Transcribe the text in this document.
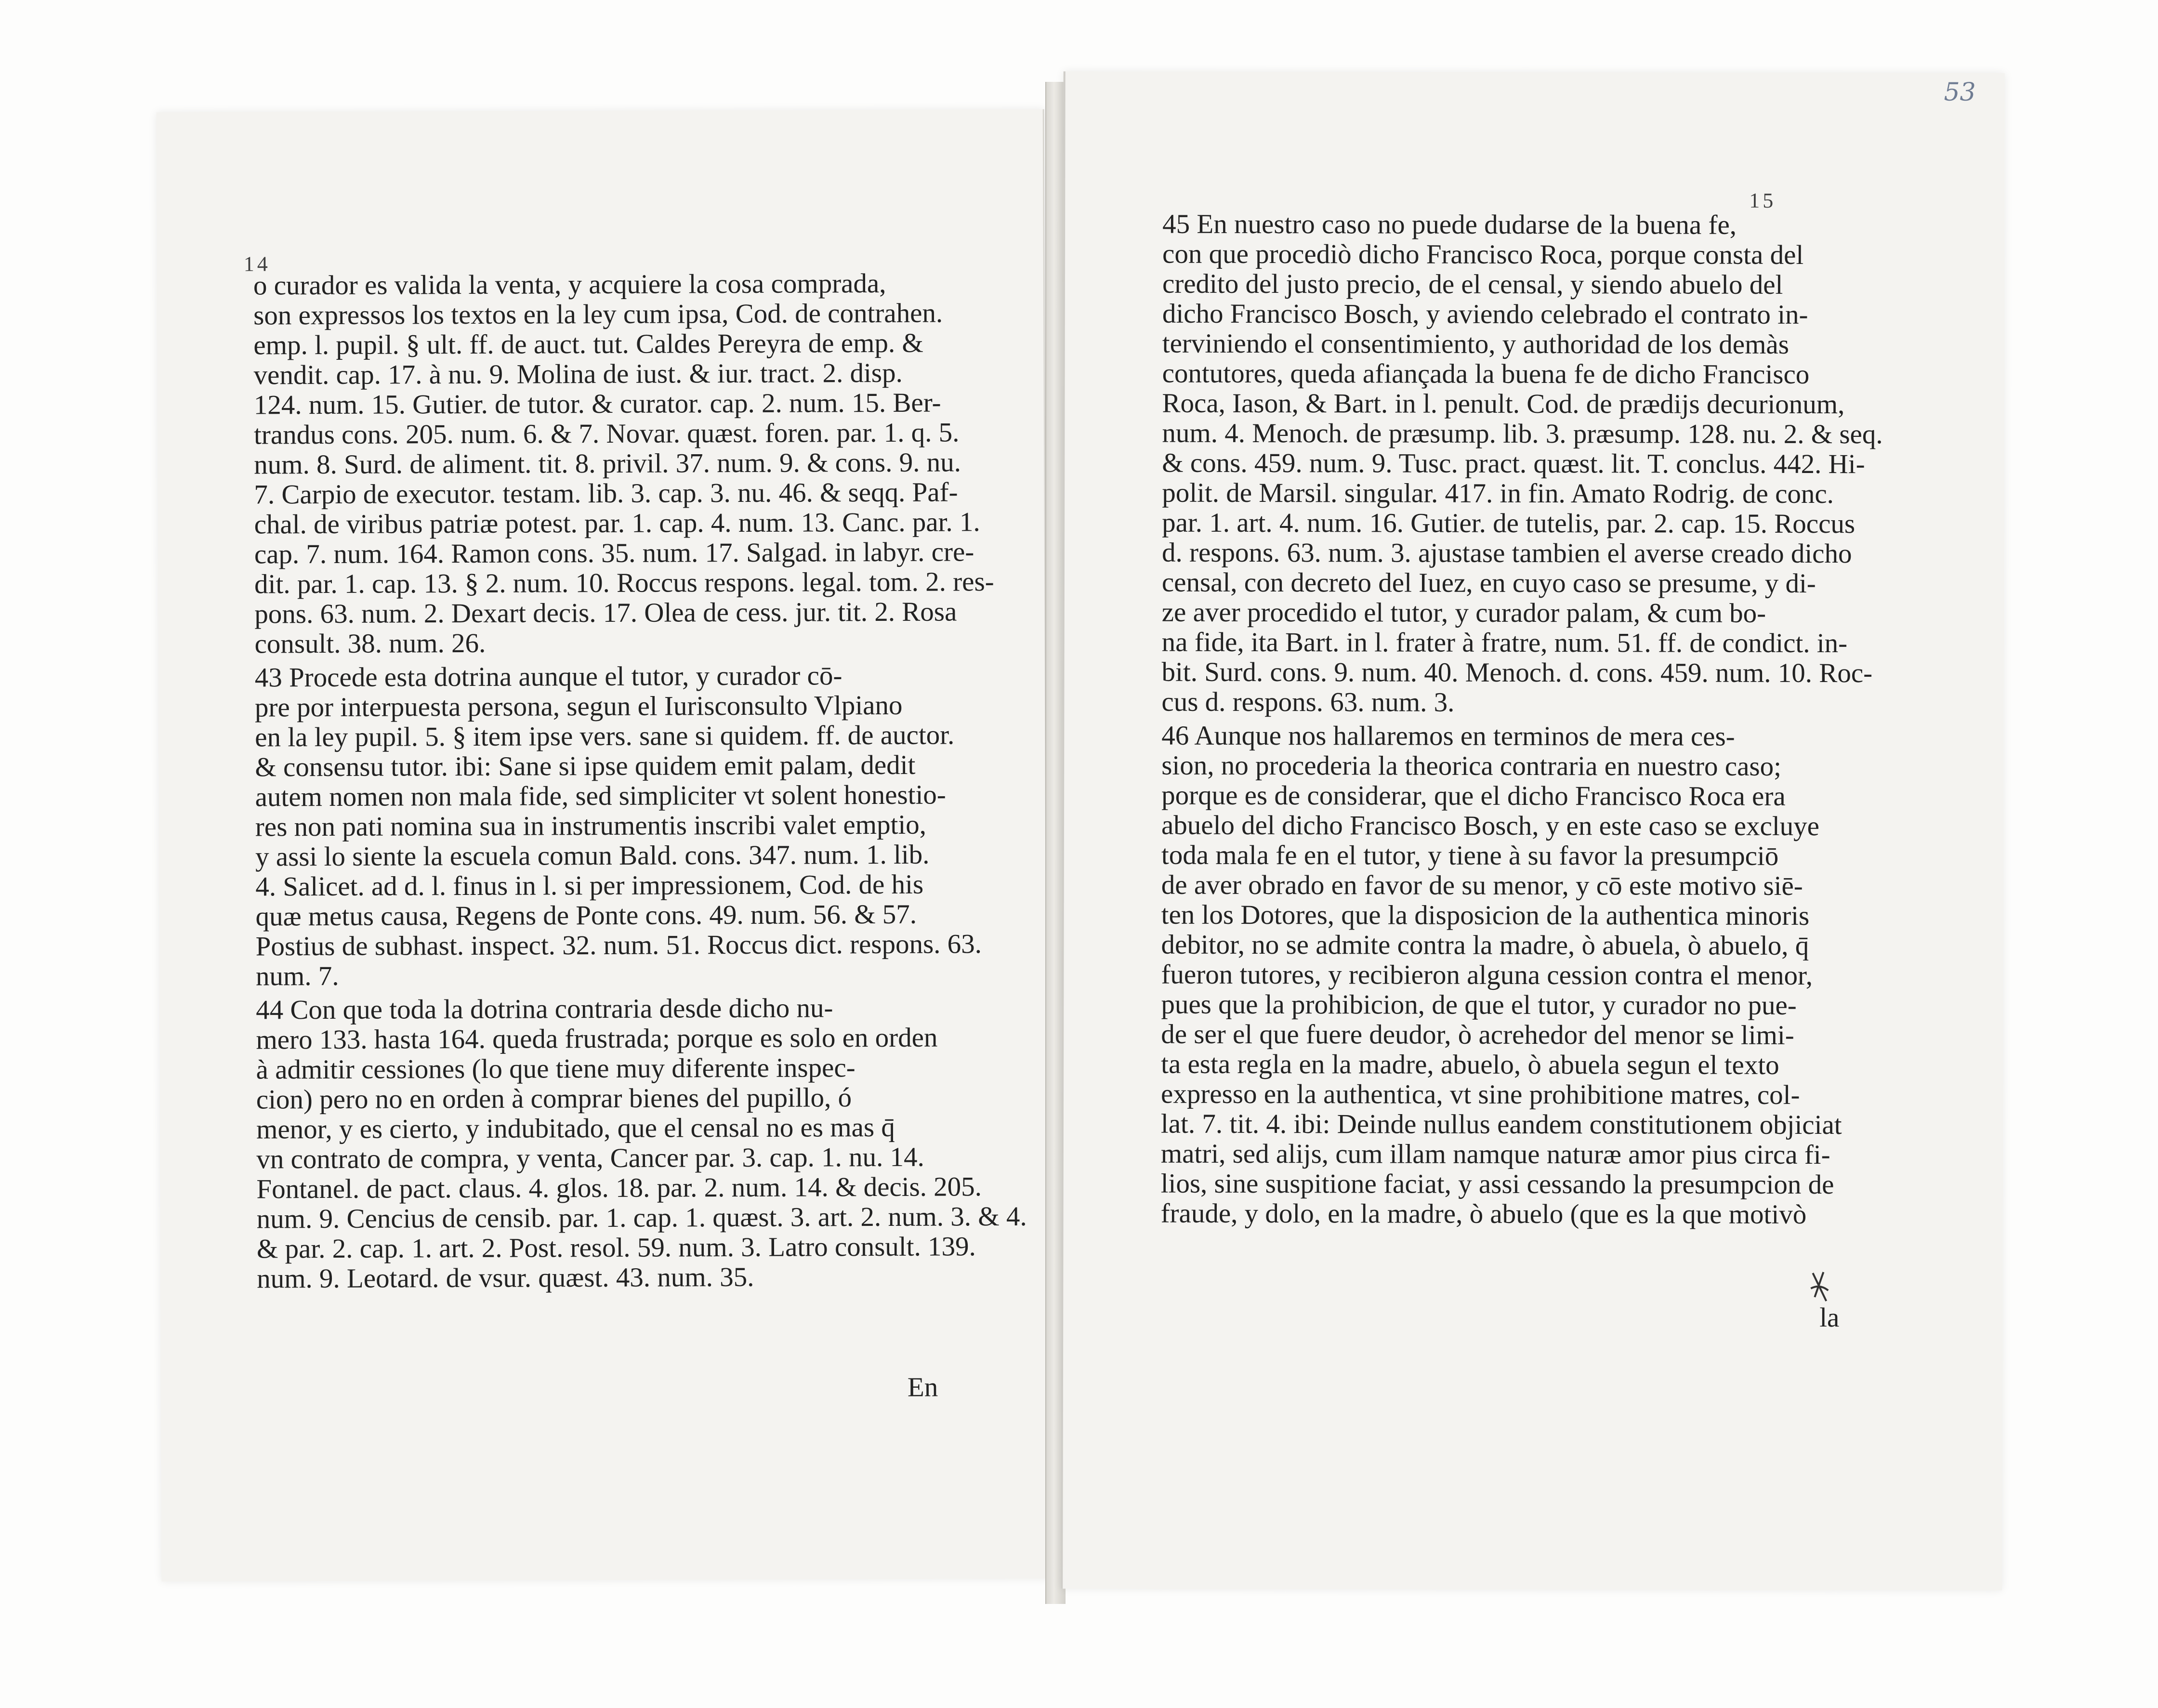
14
o curador es valida la venta, y acquiere la cosa comprada,
son expressos los textos en la ley cum ipsa, Cod. de contrahen.
emp. l. pupil. § ult. ff. de auct. tut. Caldes Pereyra de emp. &
vendit. cap. 17. à nu. 9. Molina de iust. & iur. tract. 2. disp.
124. num. 15. Gutier. de tutor. & curator. cap. 2. num. 15. Ber-
trandus cons. 205. num. 6. & 7. Novar. quæst. foren. par. 1. q. 5.
num. 8. Surd. de aliment. tit. 8. privil. 37. num. 9. & cons. 9. nu.
7. Carpio de executor. testam. lib. 3. cap. 3. nu. 46. & seqq. Paf-
chal. de viribus patriæ potest. par. 1. cap. 4. num. 13. Canc. par. 1.
cap. 7. num. 164. Ramon cons. 35. num. 17. Salgad. in labyr. cre-
dit. par. 1. cap. 13. § 2. num. 10. Roccus respons. legal. tom. 2. res-
pons. 63. num. 2. Dexart decis. 17. Olea de cess. jur. tit. 2. Rosa
consult. 38. num. 26.
43 Procede esta dotrina aunque el tutor, y curador cō-
pre por interpuesta persona, segun el Iurisconsulto Vlpiano
en la ley pupil. 5. § item ipse vers. sane si quidem. ff. de auctor.
& consensu tutor. ibi: Sane si ipse quidem emit palam, dedit
autem nomen non mala fide, sed simpliciter vt solent honestio-
res non pati nomina sua in instrumentis inscribi valet emptio,
y assi lo siente la escuela comun Bald. cons. 347. num. 1. lib.
4. Salicet. ad d. l. finus in l. si per impressionem, Cod. de his
quæ metus causa, Regens de Ponte cons. 49. num. 56. & 57.
Postius de subhast. inspect. 32. num. 51. Roccus dict. respons. 63.
num. 7.
44 Con que toda la dotrina contraria desde dicho nu-
mero 133. hasta 164. queda frustrada; porque es solo en orden
à admitir cessiones (lo que tiene muy diferente inspec-
cion) pero no en orden à comprar bienes del pupillo, ó
menor, y es cierto, y indubitado, que el censal no es mas q̄
vn contrato de compra, y venta, Cancer par. 3. cap. 1. nu. 14.
Fontanel. de pact. claus. 4. glos. 18. par. 2. num. 14. & decis. 205.
num. 9. Cencius de censib. par. 1. cap. 1. quæst. 3. art. 2. num. 3. & 4.
& par. 2. cap. 1. art. 2. Post. resol. 59. num. 3. Latro consult. 139.
num. 9. Leotard. de vsur. quæst. 43. num. 35.
En
53
15
45 En nuestro caso no puede dudarse de la buena fe,
con que procediò dicho Francisco Roca, porque consta del
credito del justo precio, de el censal, y siendo abuelo del
dicho Francisco Bosch, y aviendo celebrado el contrato in-
terviniendo el consentimiento, y authoridad de los demàs
contutores, queda afiançada la buena fe de dicho Francisco
Roca, Iason, & Bart. in l. penult. Cod. de prædijs decurionum,
num. 4. Menoch. de præsump. lib. 3. præsump. 128. nu. 2. & seq.
& cons. 459. num. 9. Tusc. pract. quæst. lit. T. conclus. 442. Hi-
polit. de Marsil. singular. 417. in fin. Amato Rodrig. de conc.
par. 1. art. 4. num. 16. Gutier. de tutelis, par. 2. cap. 15. Roccus
d. respons. 63. num. 3. ajustase tambien el averse creado dicho
censal, con decreto del Iuez, en cuyo caso se presume, y di-
ze aver procedido el tutor, y curador palam, & cum bo-
na fide, ita Bart. in l. frater à fratre, num. 51. ff. de condict. in-
bit. Surd. cons. 9. num. 40. Menoch. d. cons. 459. num. 10. Roc-
cus d. respons. 63. num. 3.
46 Aunque nos hallaremos en terminos de mera ces-
sion, no procederia la theorica contraria en nuestro caso;
porque es de considerar, que el dicho Francisco Roca era
abuelo del dicho Francisco Bosch, y en este caso se excluye
toda mala fe en el tutor, y tiene à su favor la presumpciō
de aver obrado en favor de su menor, y cō este motivo siē-
ten los Dotores, que la disposicion de la authentica minoris
debitor, no se admite contra la madre, ò abuela, ò abuelo, q̄
fueron tutores, y recibieron alguna cession contra el menor,
pues que la prohibicion, de que el tutor, y curador no pue-
de ser el que fuere deudor, ò acrehedor del menor se limi-
ta esta regla en la madre, abuelo, ò abuela segun el texto
expresso en la authentica, vt sine prohibitione matres, col-
lat. 7. tit. 4. ibi: Deinde nullus eandem constitutionem objiciat
matri, sed alijs, cum illam namque naturæ amor pius circa fi-
lios, sine suspitione faciat, y assi cessando la presumpcion de
fraude, y dolo, en la madre, ò abuelo (que es la que motivò
la
